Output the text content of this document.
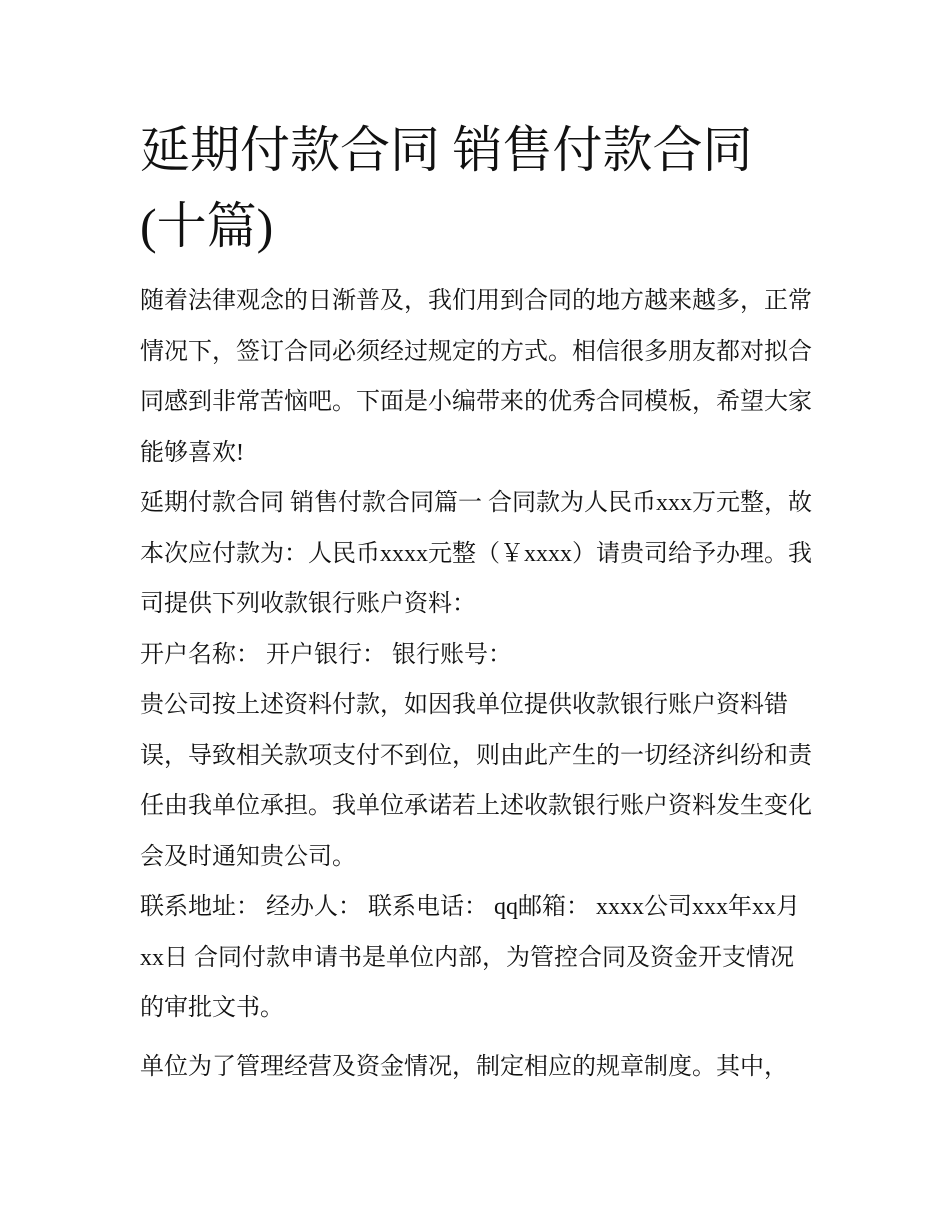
延期付款合同 销售付款合同
(十篇)

随着法律观念的日渐普及，我们用到合同的地方越来越多，正常情况下，签订合同必须经过规定的方式。相信很多朋友都对拟合同感到非常苦恼吧。下面是小编带来的优秀合同模板，希望大家能够喜欢!

延期付款合同 销售付款合同篇一 合同款为人民币xxx万元整，故本次应付款为：人民币xxxx元整（￥xxxx）请贵司给予办理。我司提供下列收款银行账户资料：

开户名称： 开户银行： 银行账号：

贵公司按上述资料付款，如因我单位提供收款银行账户资料错误，导致相关款项支付不到位，则由此产生的一切经济纠纷和责任由我单位承担。我单位承诺若上述收款银行账户资料发生变化会及时通知贵公司。

联系地址： 经办人： 联系电话： qq邮箱： xxxx公司xxx年xx月xx日 合同付款申请书是单位内部，为管控合同及资金开支情况的审批文书。

单位为了管理经营及资金情况，制定相应的规章制度。其中，
